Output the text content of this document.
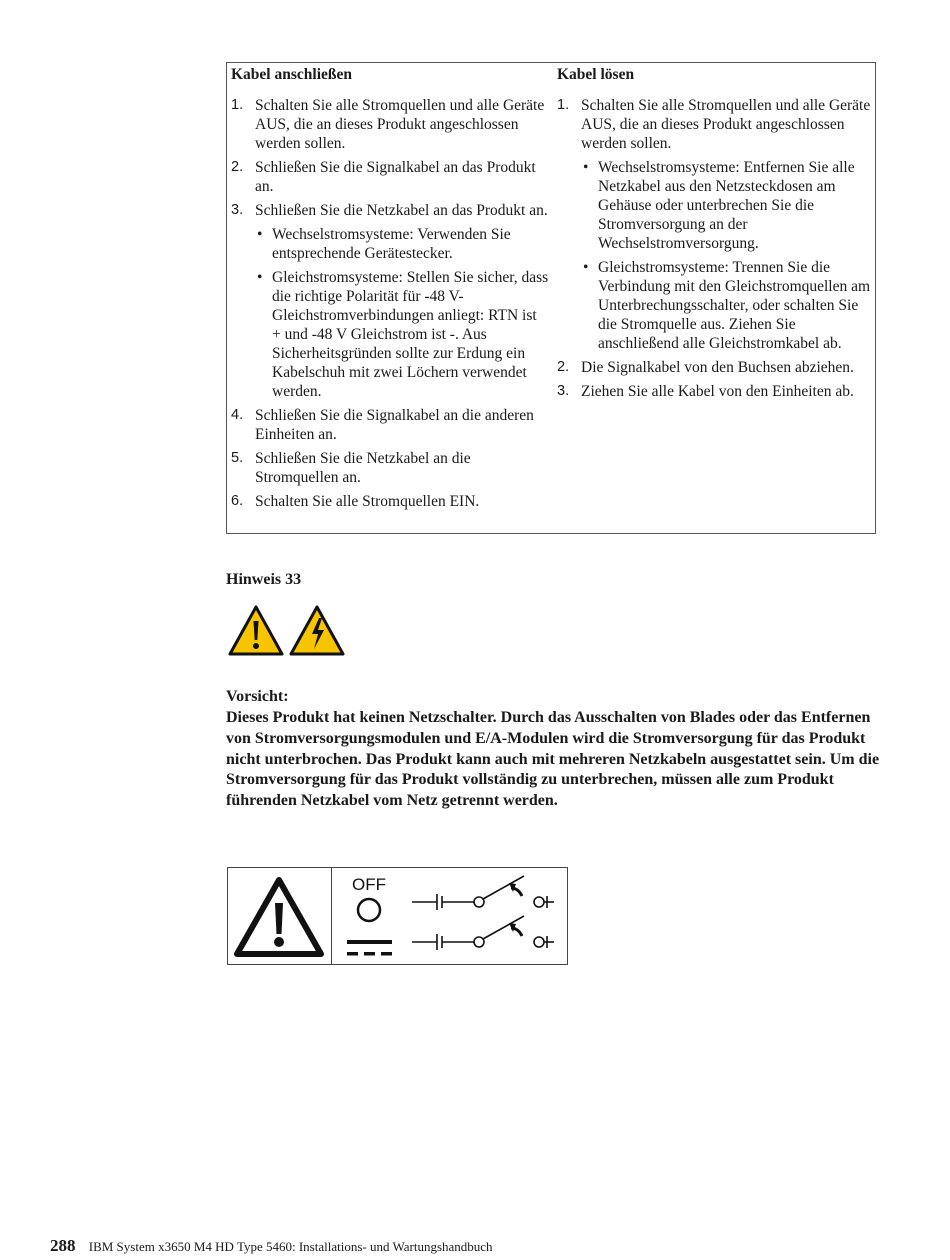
Kabel anschließen
1. Schalten Sie alle Stromquellen und alle Geräte AUS, die an dieses Produkt angeschlossen werden sollen.
2. Schließen Sie die Signalkabel an das Produkt an.
3. Schließen Sie die Netzkabel an das Produkt an.
• Wechselstromsysteme: Verwenden Sie entsprechende Gerätestecker.
• Gleichstromsysteme: Stellen Sie sicher, dass die richtige Polarität für -48 V- Gleichstromverbindungen anliegt: RTN ist + und -48 V Gleichstrom ist -. Aus Sicherheitsgründen sollte zur Erdung ein Kabelschuh mit zwei Löchern verwendet werden.
4. Schließen Sie die Signalkabel an die anderen Einheiten an.
5. Schließen Sie die Netzkabel an die Stromquellen an.
6. Schalten Sie alle Stromquellen EIN.
Kabel lösen
1. Schalten Sie alle Stromquellen und alle Geräte AUS, die an dieses Produkt angeschlossen werden sollen.
• Wechselstromsysteme: Entfernen Sie alle Netzkabel aus den Netzsteckdosen am Gehäuse oder unterbrechen Sie die Stromversorgung an der Wechselstromversorgung.
• Gleichstromsysteme: Trennen Sie die Verbindung mit den Gleichstromquellen am Unterbrechungsschalter, oder schalten Sie die Stromquelle aus. Ziehen Sie anschließend alle Gleichstromkabel ab.
2. Die Signalkabel von den Buchsen abziehen.
3. Ziehen Sie alle Kabel von den Einheiten ab.
Hinweis 33
Vorsicht:
Dieses Produkt hat keinen Netzschalter. Durch das Ausschalten von Blades oder das Entfernen von Stromversorgungsmodulen und E/A-Modulen wird die Stromversorgung für das Produkt nicht unterbrochen. Das Produkt kann auch mit mehreren Netzkabeln ausgestattet sein. Um die Stromversorgung für das Produkt vollständig zu unterbrechen, müssen alle zum Produkt führenden Netzkabel vom Netz getrennt werden.
OFF
288 IBM System x3650 M4 HD Type 5460: Installations- und Wartungshandbuch
